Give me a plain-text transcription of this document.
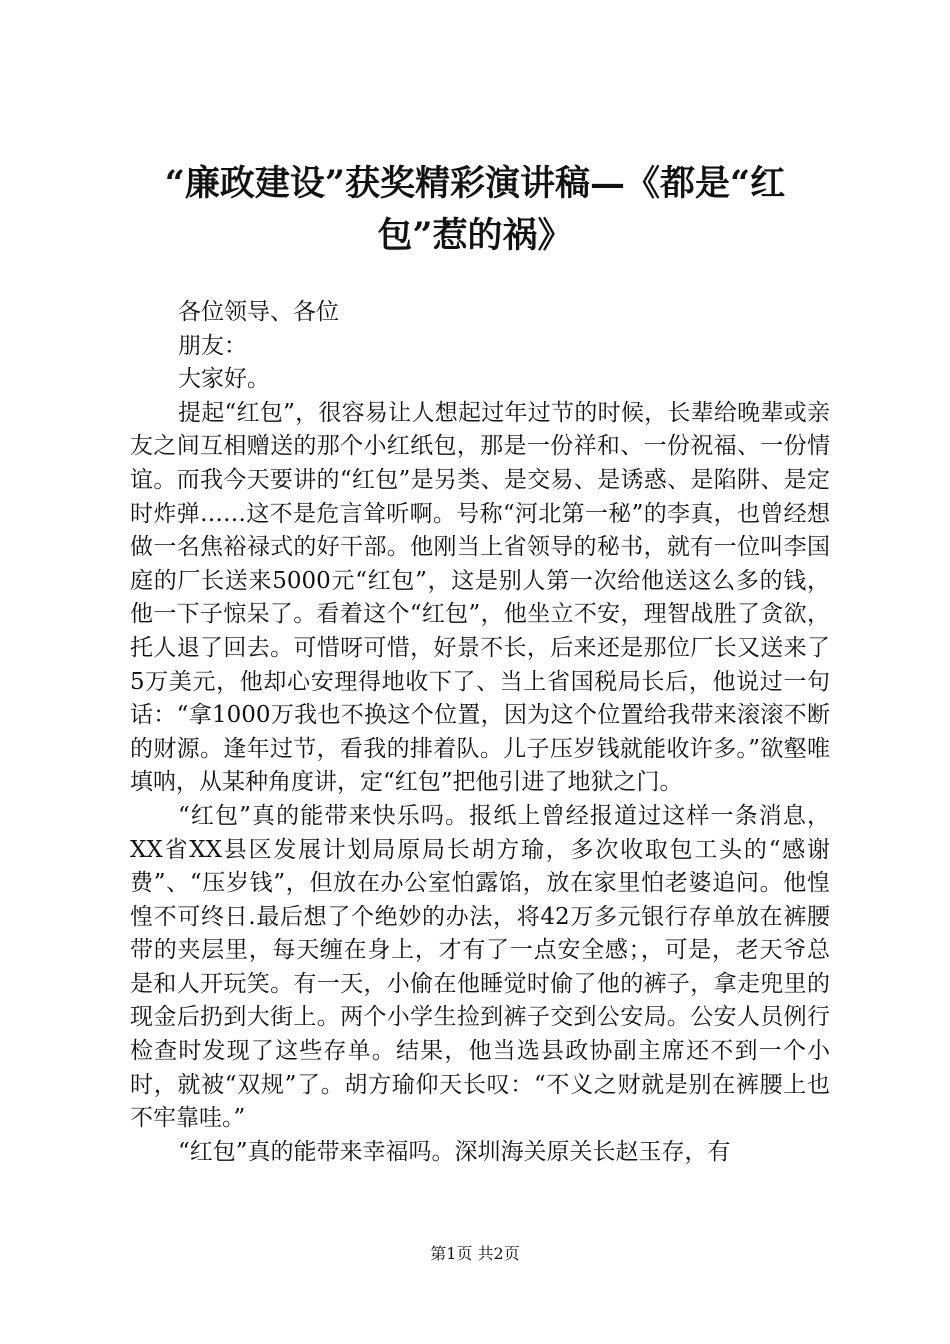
“廉政建设”获奖精彩演讲稿—《都是“红
包”惹的祸》

各位领导、各位

朋友：

大家好。

提起“红包”，很容易让人想起过年过节的时候，长辈给晚辈或亲友之间互相赠送的那个小红纸包，那是一份祥和、一份祝福、一份情谊。而我今天要讲的“红包”是另类、是交易、是诱惑、是陷阱、是定时炸弹……这不是危言耸听啊。号称“河北第一秘”的李真，也曾经想做一名焦裕禄式的好干部。他刚当上省领导的秘书，就有一位叫李国庭的厂长送来5000元“红包”，这是别人第一次给他送这么多的钱，他一下子惊呆了。看着这个“红包”，他坐立不安，理智战胜了贪欲，托人退了回去。可惜呀可惜，好景不长，后来还是那位厂长又送来了5万美元，他却心安理得地收下了、当上省国税局长后，他说过一句话：“拿1000万我也不换这个位置，因为这个位置给我带来滚滚不断的财源。逢年过节，看我的排着队。儿子压岁钱就能收许多。”欲壑唯填呐，从某种角度讲，定“红包”把他引进了地狱之门。

“红包”真的能带来快乐吗。报纸上曾经报道过这样一条消息，XX省XX县区发展计划局原局长胡方瑜，多次收取包工头的“感谢费”、“压岁钱”，但放在办公室怕露馅，放在家里怕老婆追问。他惶惶不可终日.最后想了个绝妙的办法，将42万多元银行存单放在裤腰带的夹层里，每天缠在身上，才有了一点安全感；，可是，老天爷总是和人开玩笑。有一天，小偷在他睡觉时偷了他的裤子，拿走兜里的现金后扔到大街上。两个小学生捡到裤子交到公安局。公安人员例行检查时发现了这些存单。结果，他当选县政协副主席还不到一个小时，就被“双规”了。胡方瑜仰天长叹：“不义之财就是别在裤腰上也不牢靠哇。”

“红包”真的能带来幸福吗。深圳海关原关长赵玉存，有

第1页 共2页
